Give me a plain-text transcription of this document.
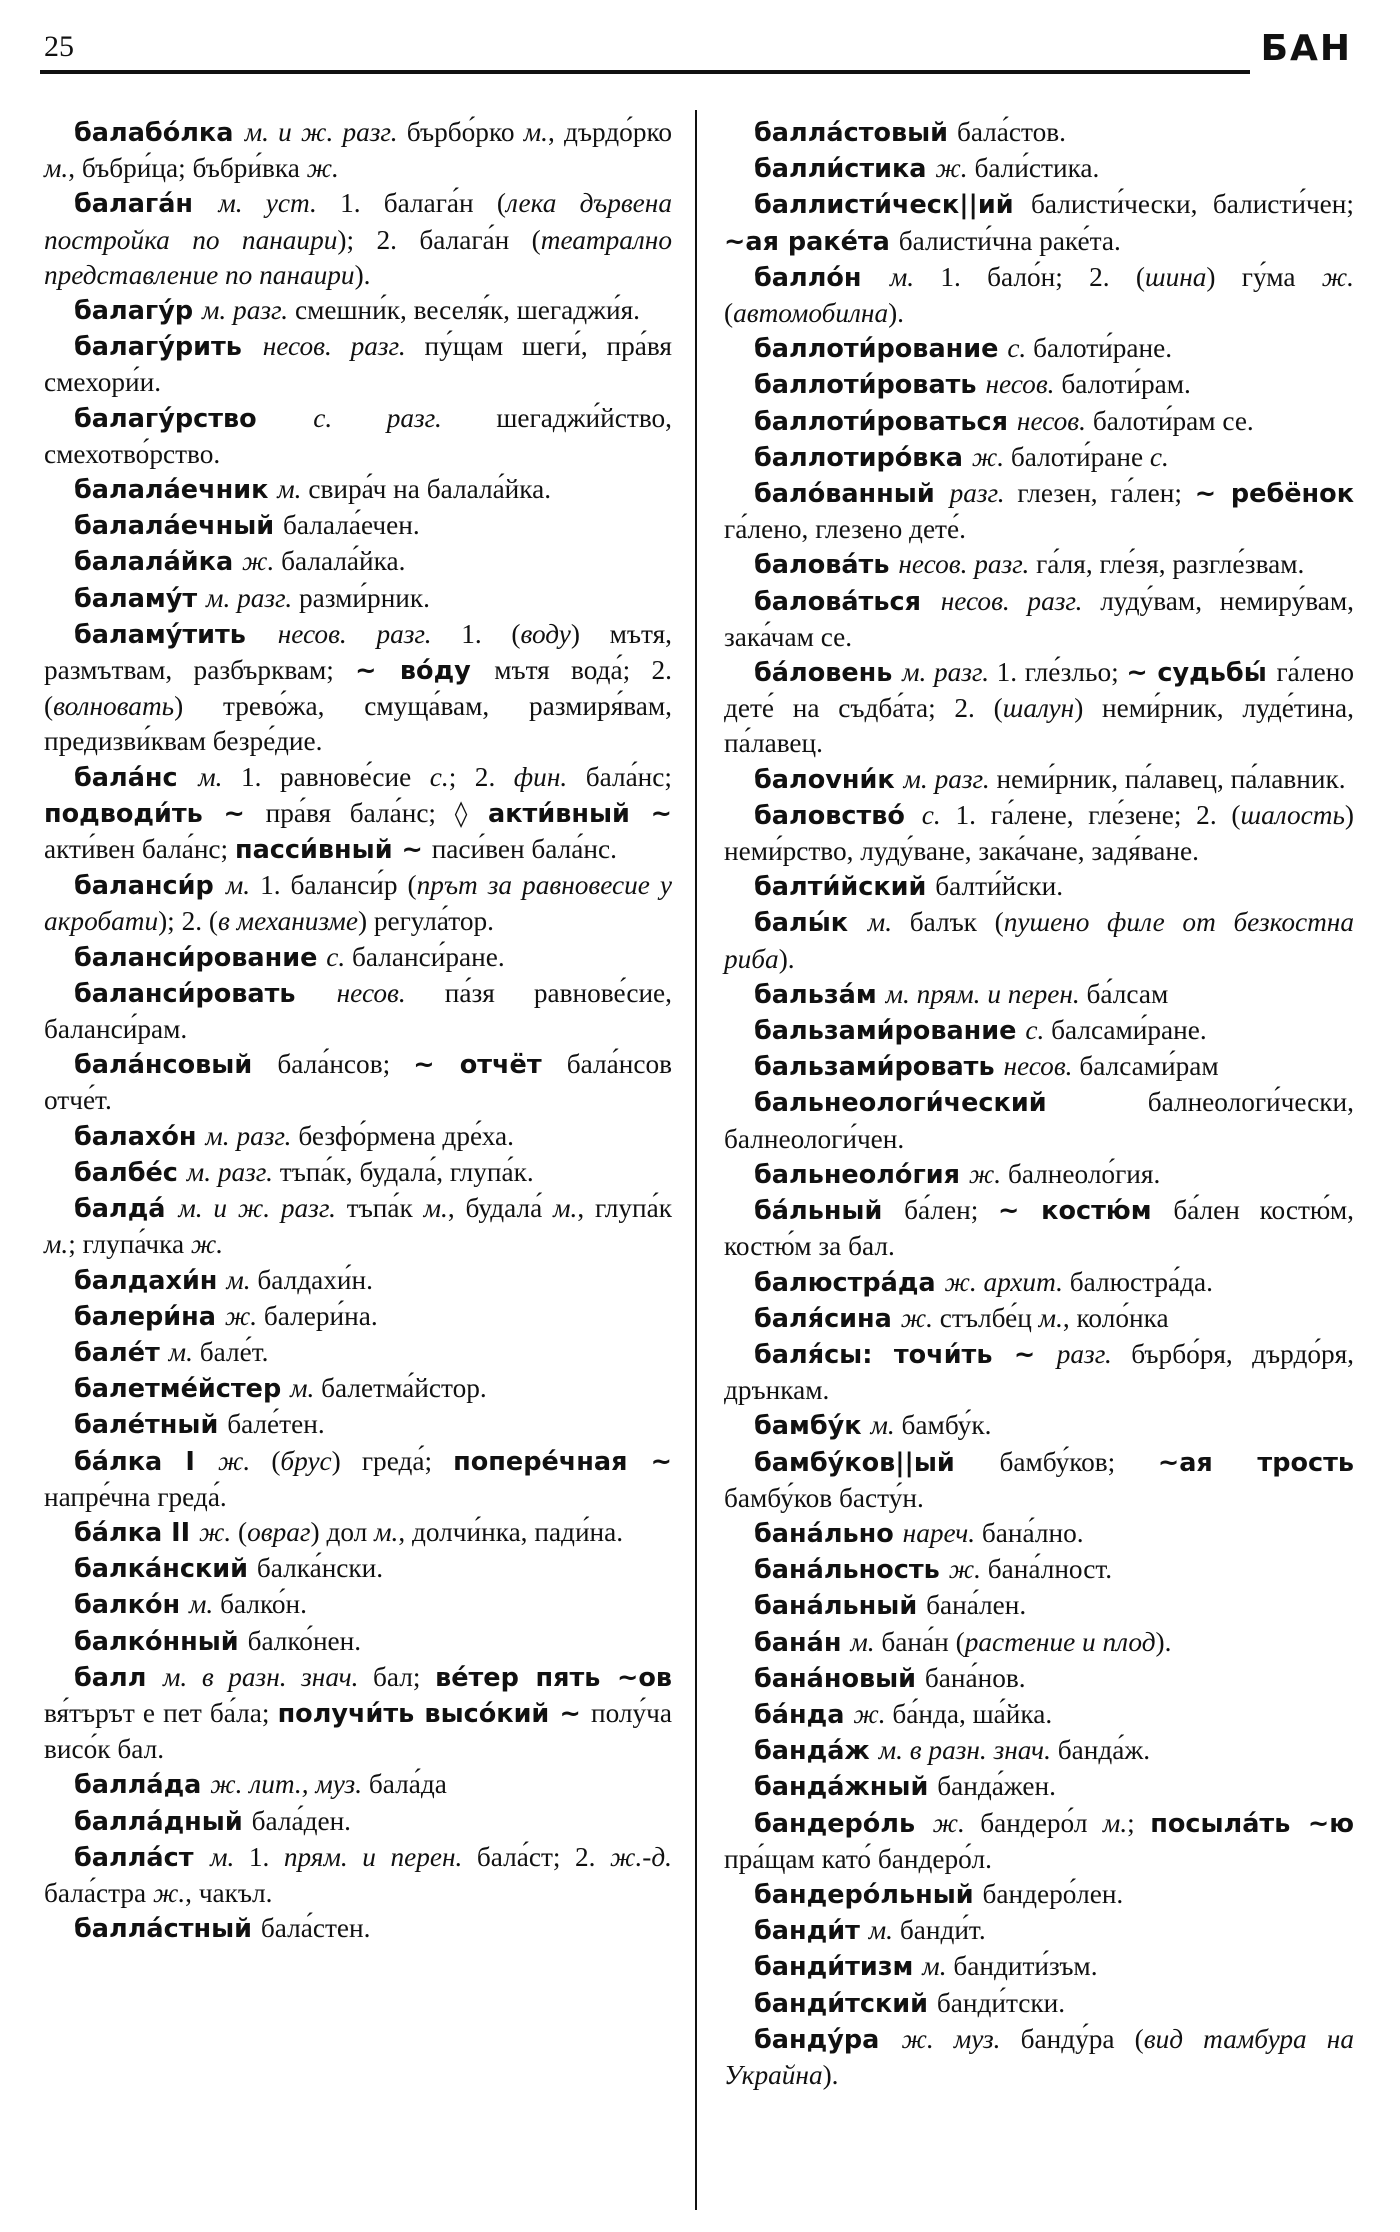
25	БАН

балабо́лка м. и ж. разг. бърбо́рко м., дърдо́рко м., бъбри́ца; бъбри́вка ж.

балага́н м. уст. 1. балага́н (лека дървена постройка по панаири); 2. балага́н (театрално представление по панаири).

балагу́р м. разг. смешни́к, веселя́к, шегаджи́я.

балагу́рить несов. разг. пу́щам шеги́, пра́вя смехори́и.

балагу́рство с. разг. шегаджи́йство, смехотво́рство.

балала́ечник м. свира́ч на балала́йка.

балала́ечный балала́ечен.

балала́йка ж. балала́йка.

баламу́т м. разг. разми́рник.

баламу́тить несов. разг. 1. (воду) мътя, размътвам, разбърквам; ~ во́ду мътя вода́; 2. (волновать) трево́жа, смуща́вам, размиря́вам, предизви́квам безре́дие.

бала́нс м. 1. равнове́сие с.; 2. фин. бала́нс; подводи́ть ~ пра́вя бала́нс; ◊ акти́вный ~ акти́вен бала́нс; пасси́вный ~ паси́вен бала́нс.

баланси́р м. 1. баланси́р (прът за равновесие у акробати); 2. (в механизме) регула́тор.

баланси́рование с. баланси́ране.

баланси́ровать несов. па́зя равнове́сие, баланси́рам.

бала́нсовый бала́нсов; ~ отчёт бала́нсов отче́т.

балахо́н м. разг. безфо́рмена дре́ха.

балбе́с м. разг. тъпа́к, будала́, глупа́к.

балда́ м. и ж. разг. тъпа́к м., будала́ м., глупа́к м.; глупа́чка ж.

балдахи́н м. балдахи́н.

балери́на ж. балери́на.

бале́т м. бале́т.

балетме́йстер м. балетма́йстор.

бале́тный бале́тен.

ба́лка I ж. (брус) греда́; попере́чная ~ напре́чна греда́.

ба́лка II ж. (овраг) дол м., долчи́нка, пади́на.

балка́нский балка́нски.

балко́н м. балко́н.

балко́нный балко́нен.

балл м. в разн. знач. бал; ве́тер пять ~ов вя́търът е пет ба́ла; получи́ть высо́кий ~ полу́ча висо́к бал.

балла́да ж. лит., муз. бала́да

балла́дный бала́ден.

балла́ст м. 1. прям. и перен. бала́ст; 2. ж.-д. бала́стра ж., чакъл.

балла́стный бала́стен.

балла́стовый бала́стов.

балли́стика ж. бали́стика.

баллисти́ческ||ий балисти́чески, балисти́чен; ~ая раке́та балисти́чна раке́та.

балло́н м. 1. бало́н; 2. (шина) гу́ма ж. (автомобилна).

баллоти́рование с. балоти́ране.

баллоти́ровать несов. балоти́рам.

баллоти́роваться несов. балоти́рам се.

баллотиро́вка ж. балоти́ране с.

бало́ванный разг. глезен, га́лен; ~ ребёнок га́лено, глезено дете́.

балова́ть несов. разг. га́ля, гле́зя, разгле́звам.

балова́ться несов. разг. луду́вам, немиру́вам, зака́чам се.

ба́ловень м. разг. 1. гле́зльо; ~ судьбы́ га́лено дете́ на съдба́та; 2. (шалун) неми́рник, луде́тина, па́лавец.

балovни́к м. разг. неми́рник, па́лавец, па́лавник.

баловство́ с. 1. га́лене, гле́зене; 2. (шалость) неми́рство, луду́ване, зака́чане, задя́ване.

балти́йский балти́йски.

балы́к м. балък (пушено филе от безкостна риба).

бальза́м м. прям. и перен. ба́лсам

бальзами́рование с. балсами́ране.

бальзами́ровать несов. балсами́рам

бальнеологи́ческий балнеологи́чески, балнеологи́чен.

бальнеоло́гия ж. балнеоло́гия.

ба́льный ба́лен; ~ костю́м ба́лен костю́м, костю́м за бал.

балюстра́да ж. архит. балюстра́да.

баля́сина ж. стълбе́ц м., коло́нка

баля́сы: точи́ть ~ разг. бърбо́ря, дърдо́ря, дрънкам.

бамбу́к м. бамбу́к.

бамбу́ков||ый бамбу́ков; ~ая трость бамбу́ков басту́н.

бана́льно нареч. бана́лно.

бана́льность ж. бана́лност.

бана́льный бана́лен.

бана́н м. бана́н (растение и плод).

бана́новый бана́нов.

ба́нда ж. ба́нда, ша́йка.

банда́ж м. в разн. знач. банда́ж.

банда́жный банда́жен.

бандеро́ль ж. бандеро́л м.; посыла́ть ~ю пра́щам като́ бандеро́л.

бандеро́льный бандеро́лен.

банди́т м. банди́т.

банди́тизм м. бандити́зъм.

банди́тский банди́тски.

банду́ра ж. муз. банду́ра (вид тамбура на Украйна).
